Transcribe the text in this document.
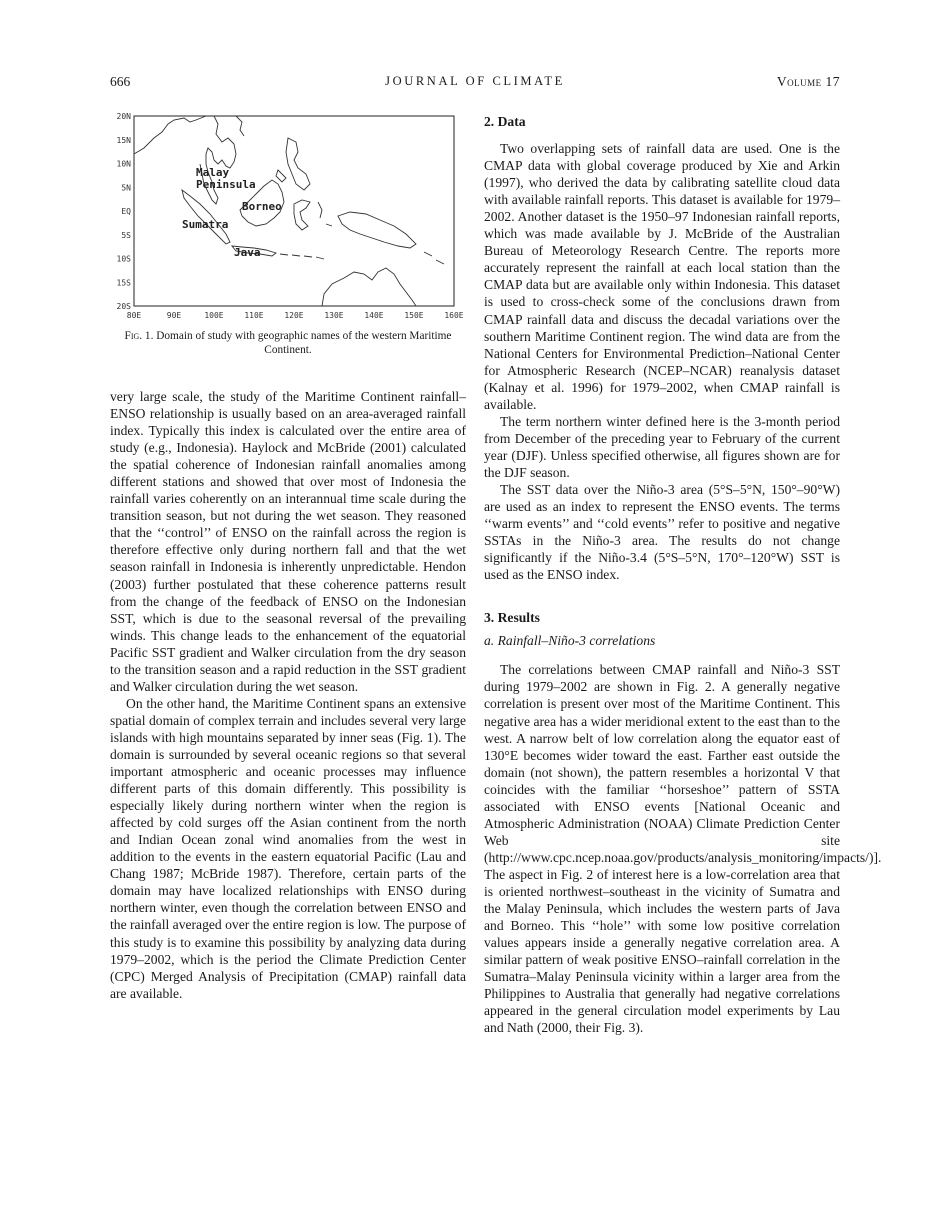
666	JOURNAL OF CLIMATE	Volume 17
20N
15N
10N
5N
EQ
5S
10S
15S
20S
80E	90E	100E	110E	120E	130E	140E	150E	160E
Malay
Peninsula
Borneo
Sumatra
Java
Fig. 1. Domain of study with geographic names of the western Maritime Continent.

very large scale, the study of the Maritime Continent rainfall–ENSO relationship is usually based on an area-averaged rainfall index. Typically this index is calculated over the entire area of study (e.g., Indonesia). Haylock and McBride (2001) calculated the spatial coherence of Indonesian rainfall anomalies among different stations and showed that over most of Indonesia the rainfall varies coherently on an interannual time scale during the transition season, but not during the wet season. They reasoned that the ‘‘control’’ of ENSO on the rainfall across the region is therefore effective only during northern fall and that the wet season rainfall in Indonesia is inherently unpredictable. Hendon (2003) further postulated that these coherence patterns result from the change of the feedback of ENSO on the Indonesian SST, which is due to the seasonal reversal of the prevailing winds. This change leads to the enhancement of the equatorial Pacific SST gradient and Walker circulation from the dry season to the transition season and a rapid reduction in the SST gradient and Walker circulation during the wet season.

On the other hand, the Maritime Continent spans an extensive spatial domain of complex terrain and includes several very large islands with high mountains separated by inner seas (Fig. 1). The domain is surrounded by several oceanic regions so that several important atmospheric and oceanic processes may influence different parts of this domain differently. This possibility is especially likely during northern winter when the region is affected by cold surges off the Asian continent from the north and Indian Ocean zonal wind anomalies from the west in addition to the events in the eastern equatorial Pacific (Lau and Chang 1987; McBride 1987). Therefore, certain parts of the domain may have localized relationships with ENSO during northern winter, even though the correlation between ENSO and the rainfall averaged over the entire region is low. The purpose of this study is to examine this possibility by analyzing data during 1979–2002, which is the period the Climate Prediction Center (CPC) Merged Analysis of Precipitation (CMAP) rainfall data are available.

2. Data

Two overlapping sets of rainfall data are used. One is the CMAP data with global coverage produced by Xie and Arkin (1997), who derived the data by calibrating satellite cloud data with available rainfall reports. This dataset is available for 1979–2002. Another dataset is the 1950–97 Indonesian rainfall reports, which was made available by J. McBride of the Australian Bureau of Meteorology Research Centre. The reports more accurately represent the rainfall at each local station than the CMAP data but are available only within Indonesia. This dataset is used to cross-check some of the conclusions drawn from CMAP rainfall data and discuss the decadal variations over the southern Maritime Continent region. The wind data are from the National Centers for Environmental Prediction–National Center for Atmospheric Research (NCEP–NCAR) reanalysis dataset (Kalnay et al. 1996) for 1979–2002, when CMAP rainfall is available.

The term northern winter defined here is the 3-month period from December of the preceding year to February of the current year (DJF). Unless specified otherwise, all figures shown are for the DJF season.

The SST data over the Niño-3 area (5°S–5°N, 150°–90°W) are used as an index to represent the ENSO events. The terms ‘‘warm events’’ and ‘‘cold events’’ refer to positive and negative SSTAs in the Niño-3 area. The results do not change significantly if the Niño-3.4 (5°S–5°N, 170°–120°W) SST is used as the ENSO index.

3. Results

a. Rainfall–Niño-3 correlations

The correlations between CMAP rainfall and Niño-3 SST during 1979–2002 are shown in Fig. 2. A generally negative correlation is present over most of the Maritime Continent. This negative area has a wider meridional extent to the east than to the west. A narrow belt of low correlation along the equator east of 130°E becomes wider toward the east. Farther east outside the domain (not shown), the pattern resembles a horizontal V that coincides with the familiar ‘‘horseshoe’’ pattern of SSTA associated with ENSO events [National Oceanic and Atmospheric Administration (NOAA) Climate Prediction Center Web site (http://www.cpc.ncep.noaa.gov/products/analysis_monitoring/impacts/)]. The aspect in Fig. 2 of interest here is a low-correlation area that is oriented northwest–southeast in the vicinity of Sumatra and the Malay Peninsula, which includes the western parts of Java and Borneo. This ‘‘hole’’ with some low positive correlation values appears inside a generally negative correlation area. A similar pattern of weak positive ENSO–rainfall correlation in the Sumatra–Malay Peninsula vicinity within a larger area from the Philippines to Australia that generally had negative correlations appeared in the general circulation model experiments by Lau and Nath (2000, their Fig. 3).
